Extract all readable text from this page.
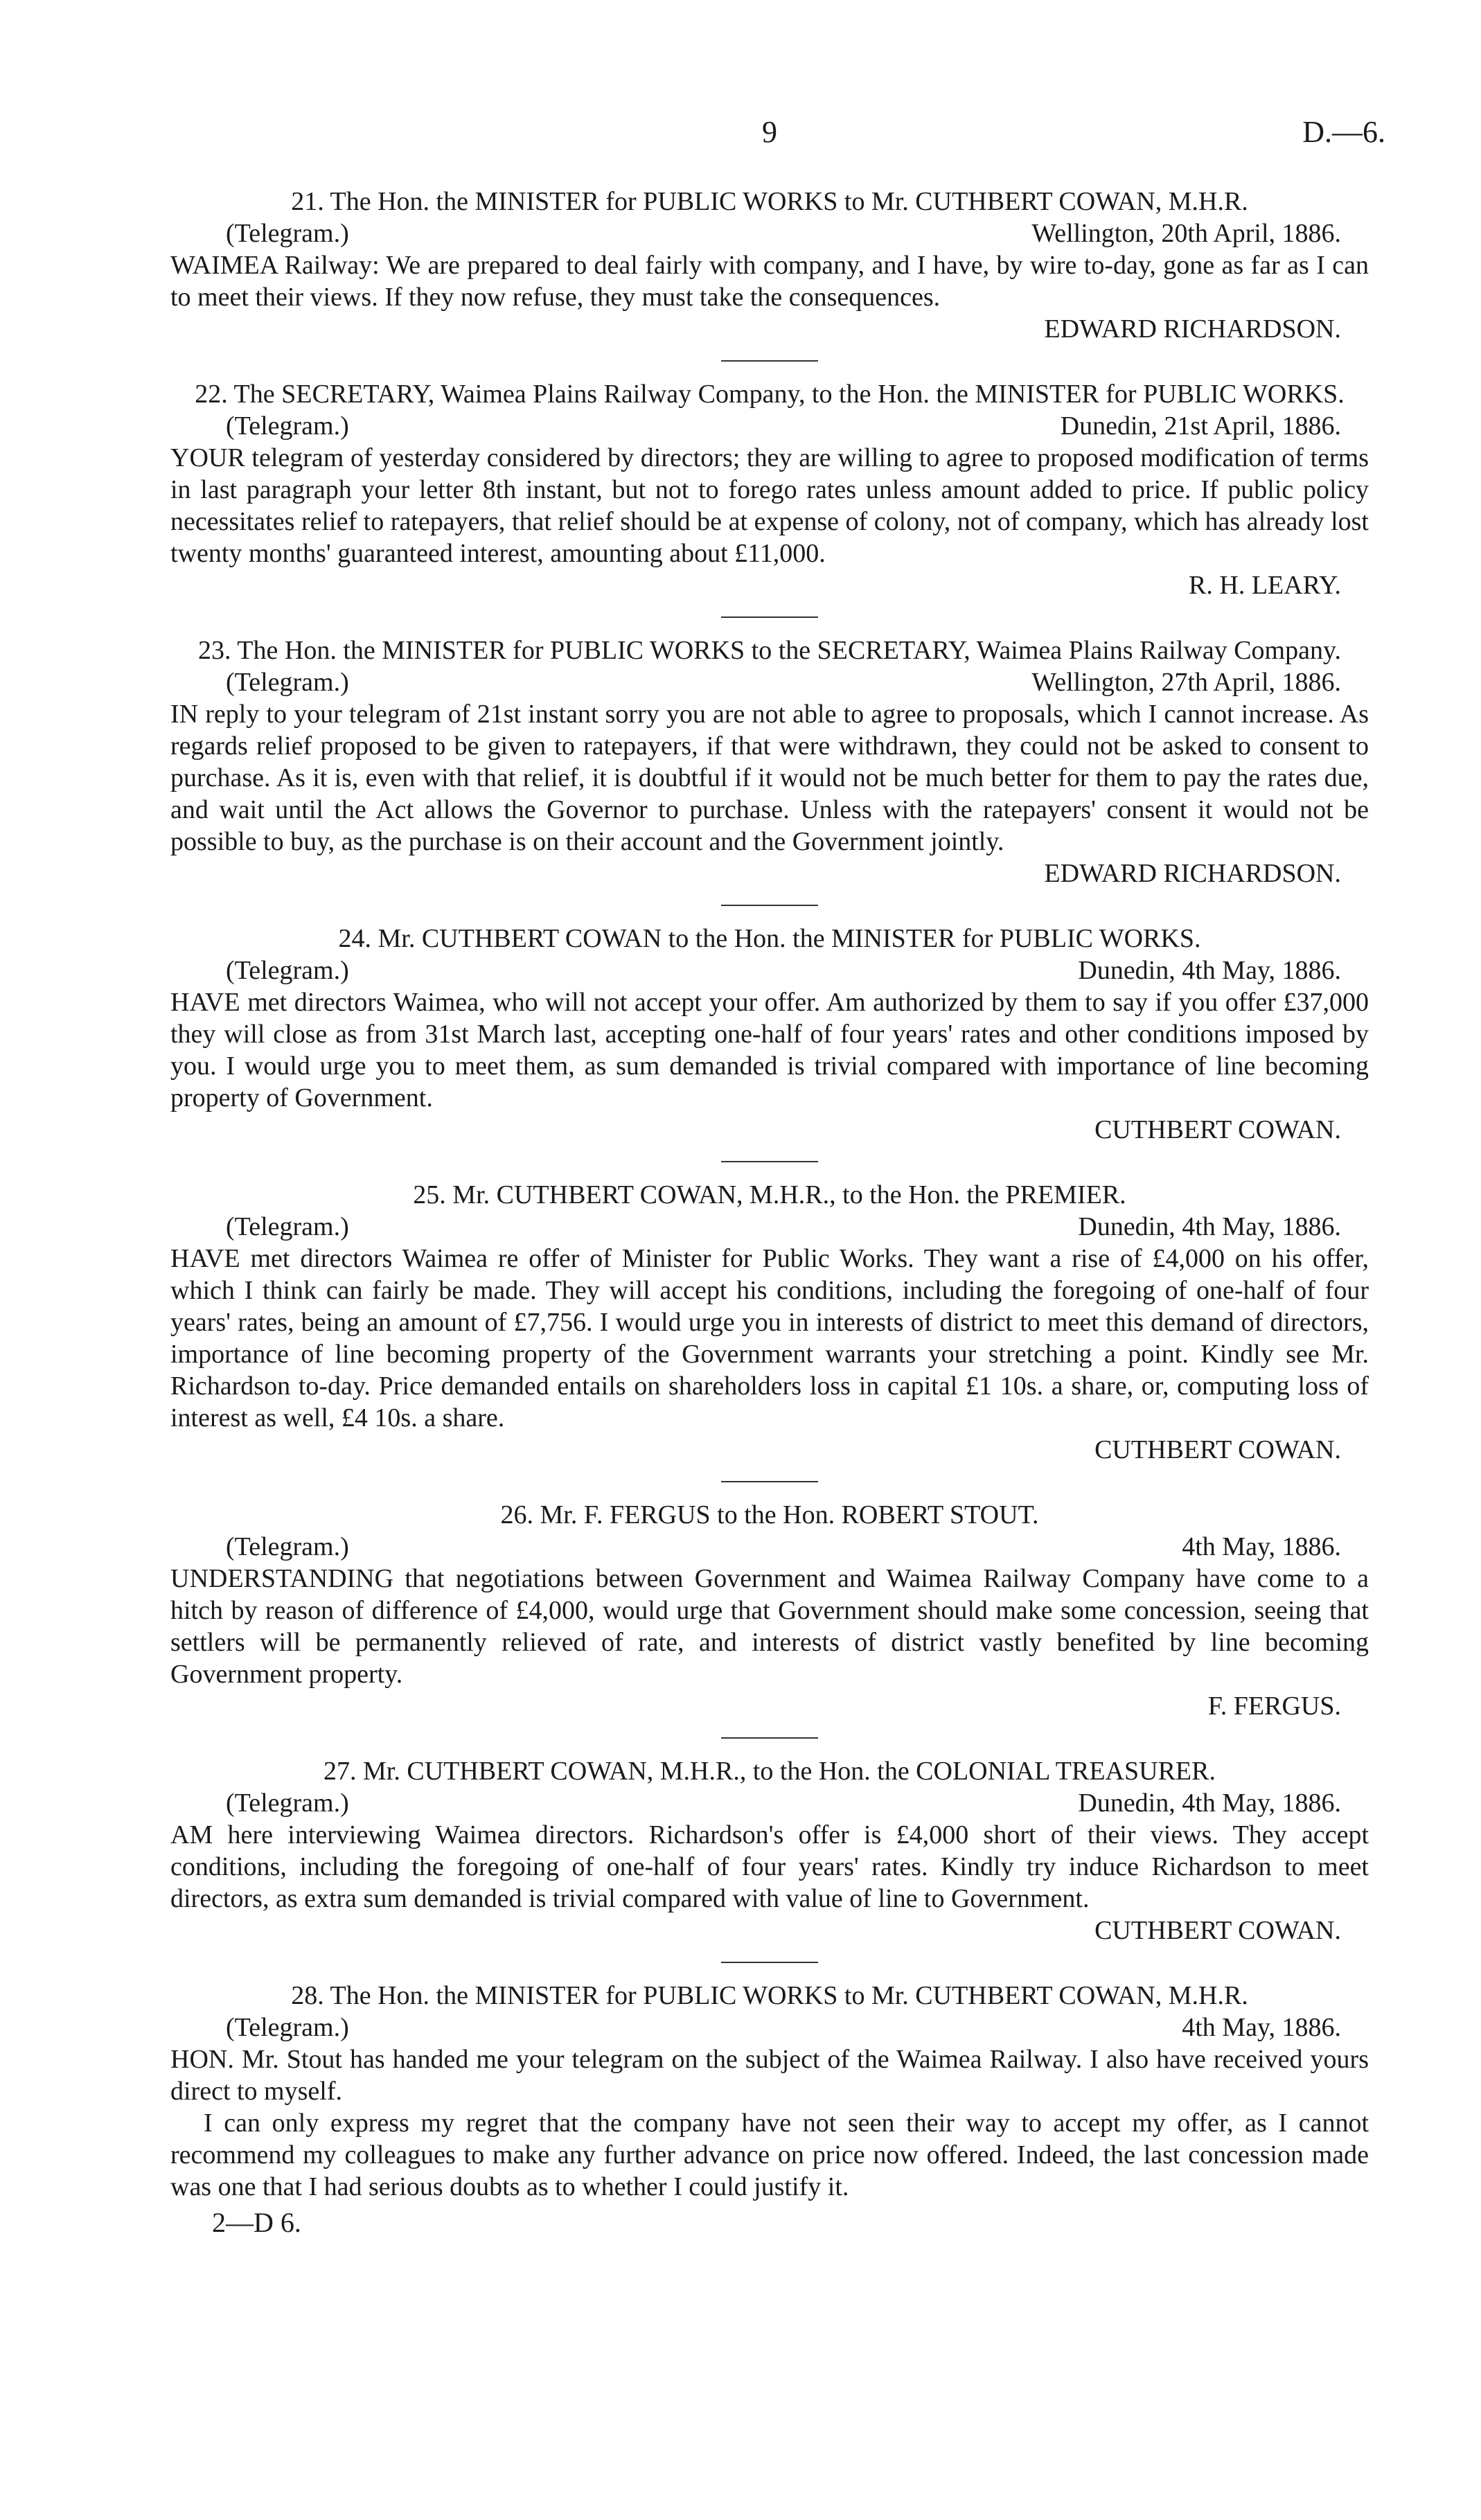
9	D.—6.

21. The Hon. the MINISTER for PUBLIC WORKS to Mr. CUTHBERT COWAN, M.H.R.

(Telegram.)	Wellington, 20th April, 1886.

WAIMEA Railway: We are prepared to deal fairly with company, and I have, by wire to-day, gone as far as I can to meet their views. If they now refuse, they must take the consequences.

EDWARD RICHARDSON.

22. The SECRETARY, Waimea Plains Railway Company, to the Hon. the MINISTER for PUBLIC WORKS.

(Telegram.)	Dunedin, 21st April, 1886.

YOUR telegram of yesterday considered by directors; they are willing to agree to proposed modification of terms in last paragraph your letter 8th instant, but not to forego rates unless amount added to price. If public policy necessitates relief to ratepayers, that relief should be at expense of colony, not of company, which has already lost twenty months' guaranteed interest, amounting about £11,000.

R. H. LEARY.

23. The Hon. the MINISTER for PUBLIC WORKS to the SECRETARY, Waimea Plains Railway Company.

(Telegram.)	Wellington, 27th April, 1886.

IN reply to your telegram of 21st instant sorry you are not able to agree to proposals, which I cannot increase. As regards relief proposed to be given to ratepayers, if that were withdrawn, they could not be asked to consent to purchase. As it is, even with that relief, it is doubtful if it would not be much better for them to pay the rates due, and wait until the Act allows the Governor to purchase. Unless with the ratepayers' consent it would not be possible to buy, as the purchase is on their account and the Government jointly.

EDWARD RICHARDSON.

24. Mr. CUTHBERT COWAN to the Hon. the MINISTER for PUBLIC WORKS.

(Telegram.)	Dunedin, 4th May, 1886.

HAVE met directors Waimea, who will not accept your offer. Am authorized by them to say if you offer £37,000 they will close as from 31st March last, accepting one-half of four years' rates and other conditions imposed by you. I would urge you to meet them, as sum demanded is trivial compared with importance of line becoming property of Government.

CUTHBERT COWAN.

25. Mr. CUTHBERT COWAN, M.H.R., to the Hon. the PREMIER.

(Telegram.)	Dunedin, 4th May, 1886.

HAVE met directors Waimea re offer of Minister for Public Works. They want a rise of £4,000 on his offer, which I think can fairly be made. They will accept his conditions, including the foregoing of one-half of four years' rates, being an amount of £7,756. I would urge you in interests of district to meet this demand of directors, importance of line becoming property of the Government warrants your stretching a point. Kindly see Mr. Richardson to-day. Price demanded entails on shareholders loss in capital £1 10s. a share, or, computing loss of interest as well, £4 10s. a share.

CUTHBERT COWAN.

26. Mr. F. FERGUS to the Hon. ROBERT STOUT.

(Telegram.)	4th May, 1886.

UNDERSTANDING that negotiations between Government and Waimea Railway Company have come to a hitch by reason of difference of £4,000, would urge that Government should make some concession, seeing that settlers will be permanently relieved of rate, and interests of district vastly benefited by line becoming Government property.

F. FERGUS.

27. Mr. CUTHBERT COWAN, M.H.R., to the Hon. the COLONIAL TREASURER.

(Telegram.)	Dunedin, 4th May, 1886.

AM here interviewing Waimea directors. Richardson's offer is £4,000 short of their views. They accept conditions, including the foregoing of one-half of four years' rates. Kindly try induce Richardson to meet directors, as extra sum demanded is trivial compared with value of line to Government.

CUTHBERT COWAN.

28. The Hon. the MINISTER for PUBLIC WORKS to Mr. CUTHBERT COWAN, M.H.R.

(Telegram.)	4th May, 1886.

HON. Mr. Stout has handed me your telegram on the subject of the Waimea Railway. I also have received yours direct to myself.

I can only express my regret that the company have not seen their way to accept my offer, as I cannot recommend my colleagues to make any further advance on price now offered. Indeed, the last concession made was one that I had serious doubts as to whether I could justify it.

2—D 6.
